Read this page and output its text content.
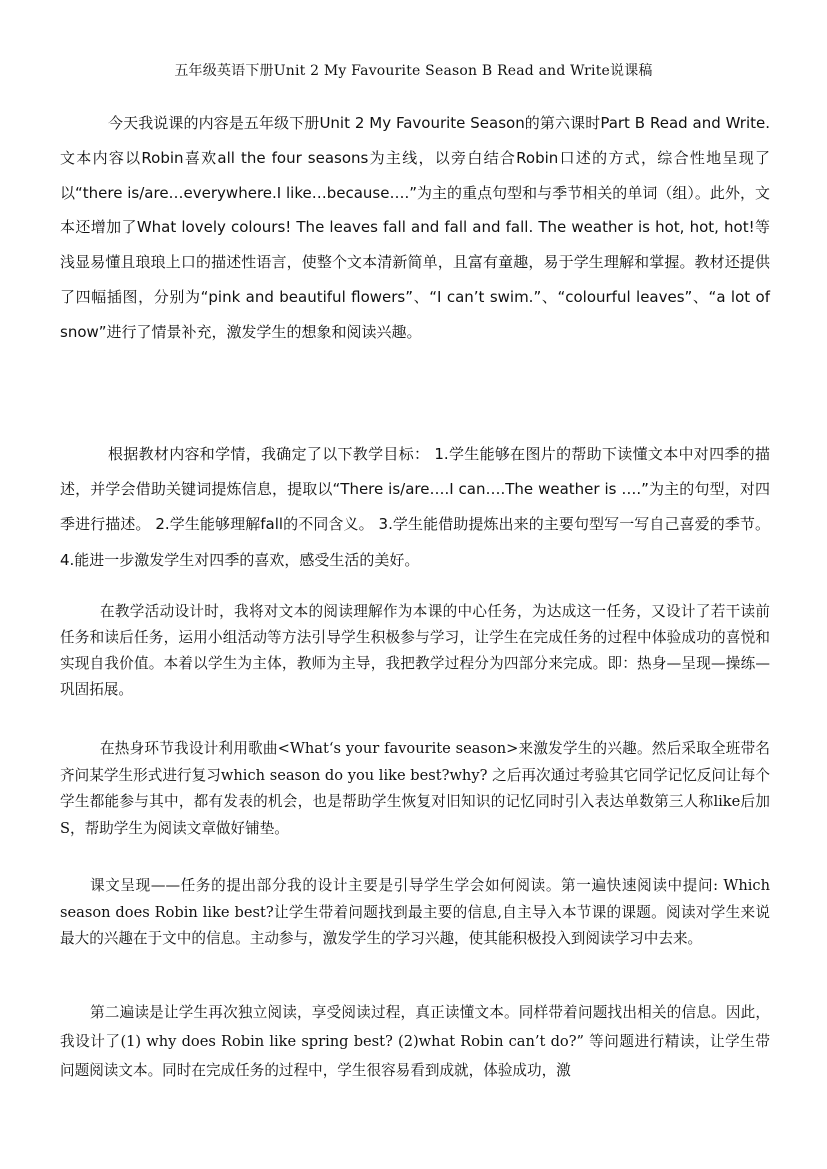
五年级英语下册Unit 2 My Favourite Season B Read and Write说课稿

今天我说课的内容是五年级下册Unit 2 My Favourite Season的第六课时Part B Read and Write. 文本内容以Robin喜欢all the four seasons为主线，以旁白结合Robin口述的方式，综合性地呈现了以“there is/are…everywhere.I like…because….”为主的重点句型和与季节相关的单词（组）。此外，文本还增加了What lovely colours! The leaves fall and fall and fall. The weather is hot, hot, hot!等浅显易懂且琅琅上口的描述性语言，使整个文本清新简单，且富有童趣，易于学生理解和掌握。教材还提供了四幅插图，分别为“pink and beautiful flowers”、“I can’t swim.”、“colourful leaves”、“a lot of snow”进行了情景补充，激发学生的想象和阅读兴趣。

根据教材内容和学情，我确定了以下教学目标： 1.学生能够在图片的帮助下读懂文本中对四季的描述，并学会借助关键词提炼信息，提取以“There is/are….I can….The weather is ….”为主的句型，对四季进行描述。 2.学生能够理解fall的不同含义。 3.学生能借助提炼出来的主要句型写一写自己喜爱的季节。4.能进一步激发学生对四季的喜欢，感受生活的美好。

在教学活动设计时，我将对文本的阅读理解作为本课的中心任务，为达成这一任务，又设计了若干读前任务和读后任务，运用小组活动等方法引导学生积极参与学习，让学生在完成任务的过程中体验成功的喜悦和实现自我价值。本着以学生为主体，教师为主导，我把教学过程分为四部分来完成。即：热身—呈现—操练—巩固拓展。

在热身环节我设计利用歌曲<What‘s your favourite season>来激发学生的兴趣。然后采取全班带名齐问某学生形式进行复习which season do you like best?why? 之后再次通过考验其它同学记忆反问让每个学生都能参与其中，都有发表的机会，也是帮助学生恢复对旧知识的记忆同时引入表达单数第三人称like后加S，帮助学生为阅读文章做好铺垫。

课文呈现——任务的提出部分我的设计主要是引导学生学会如何阅读。第一遍快速阅读中提问: Which season does Robin like best?让学生带着问题找到最主要的信息,自主导入本节课的课题。阅读对学生来说最大的兴趣在于文中的信息。主动参与，激发学生的学习兴趣，使其能积极投入到阅读学习中去来。

第二遍读是让学生再次独立阅读，享受阅读过程，真正读懂文本。同样带着问题找出相关的信息。因此，我设计了(1) why does Robin like spring best? (2)what Robin can’t do?” 等问题进行精读，让学生带问题阅读文本。同时在完成任务的过程中，学生很容易看到成就，体验成功，激
